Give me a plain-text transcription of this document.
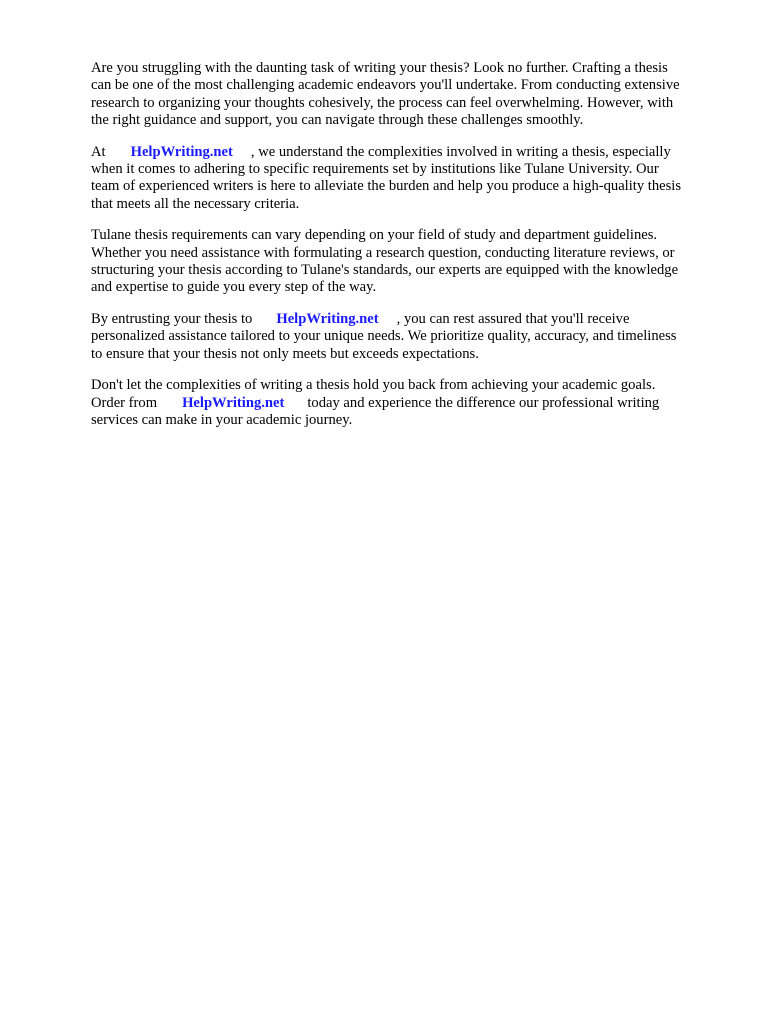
Are you struggling with the daunting task of writing your thesis? Look no further. Crafting a thesis
can be one of the most challenging academic endeavors you'll undertake. From conducting extensive
research to organizing your thoughts cohesively, the process can feel overwhelming. However, with
the right guidance and support, you can navigate through these challenges smoothly.

At HelpWriting.net , we understand the complexities involved in writing a thesis, especially
when it comes to adhering to specific requirements set by institutions like Tulane University. Our
team of experienced writers is here to alleviate the burden and help you produce a high-quality thesis
that meets all the necessary criteria.

Tulane thesis requirements can vary depending on your field of study and department guidelines.
Whether you need assistance with formulating a research question, conducting literature reviews, or
structuring your thesis according to Tulane's standards, our experts are equipped with the knowledge
and expertise to guide you every step of the way.

By entrusting your thesis to HelpWriting.net , you can rest assured that you'll receive
personalized assistance tailored to your unique needs. We prioritize quality, accuracy, and timeliness
to ensure that your thesis not only meets but exceeds expectations.

Don't let the complexities of writing a thesis hold you back from achieving your academic goals.
Order from HelpWriting.net today and experience the difference our professional writing
services can make in your academic journey.
